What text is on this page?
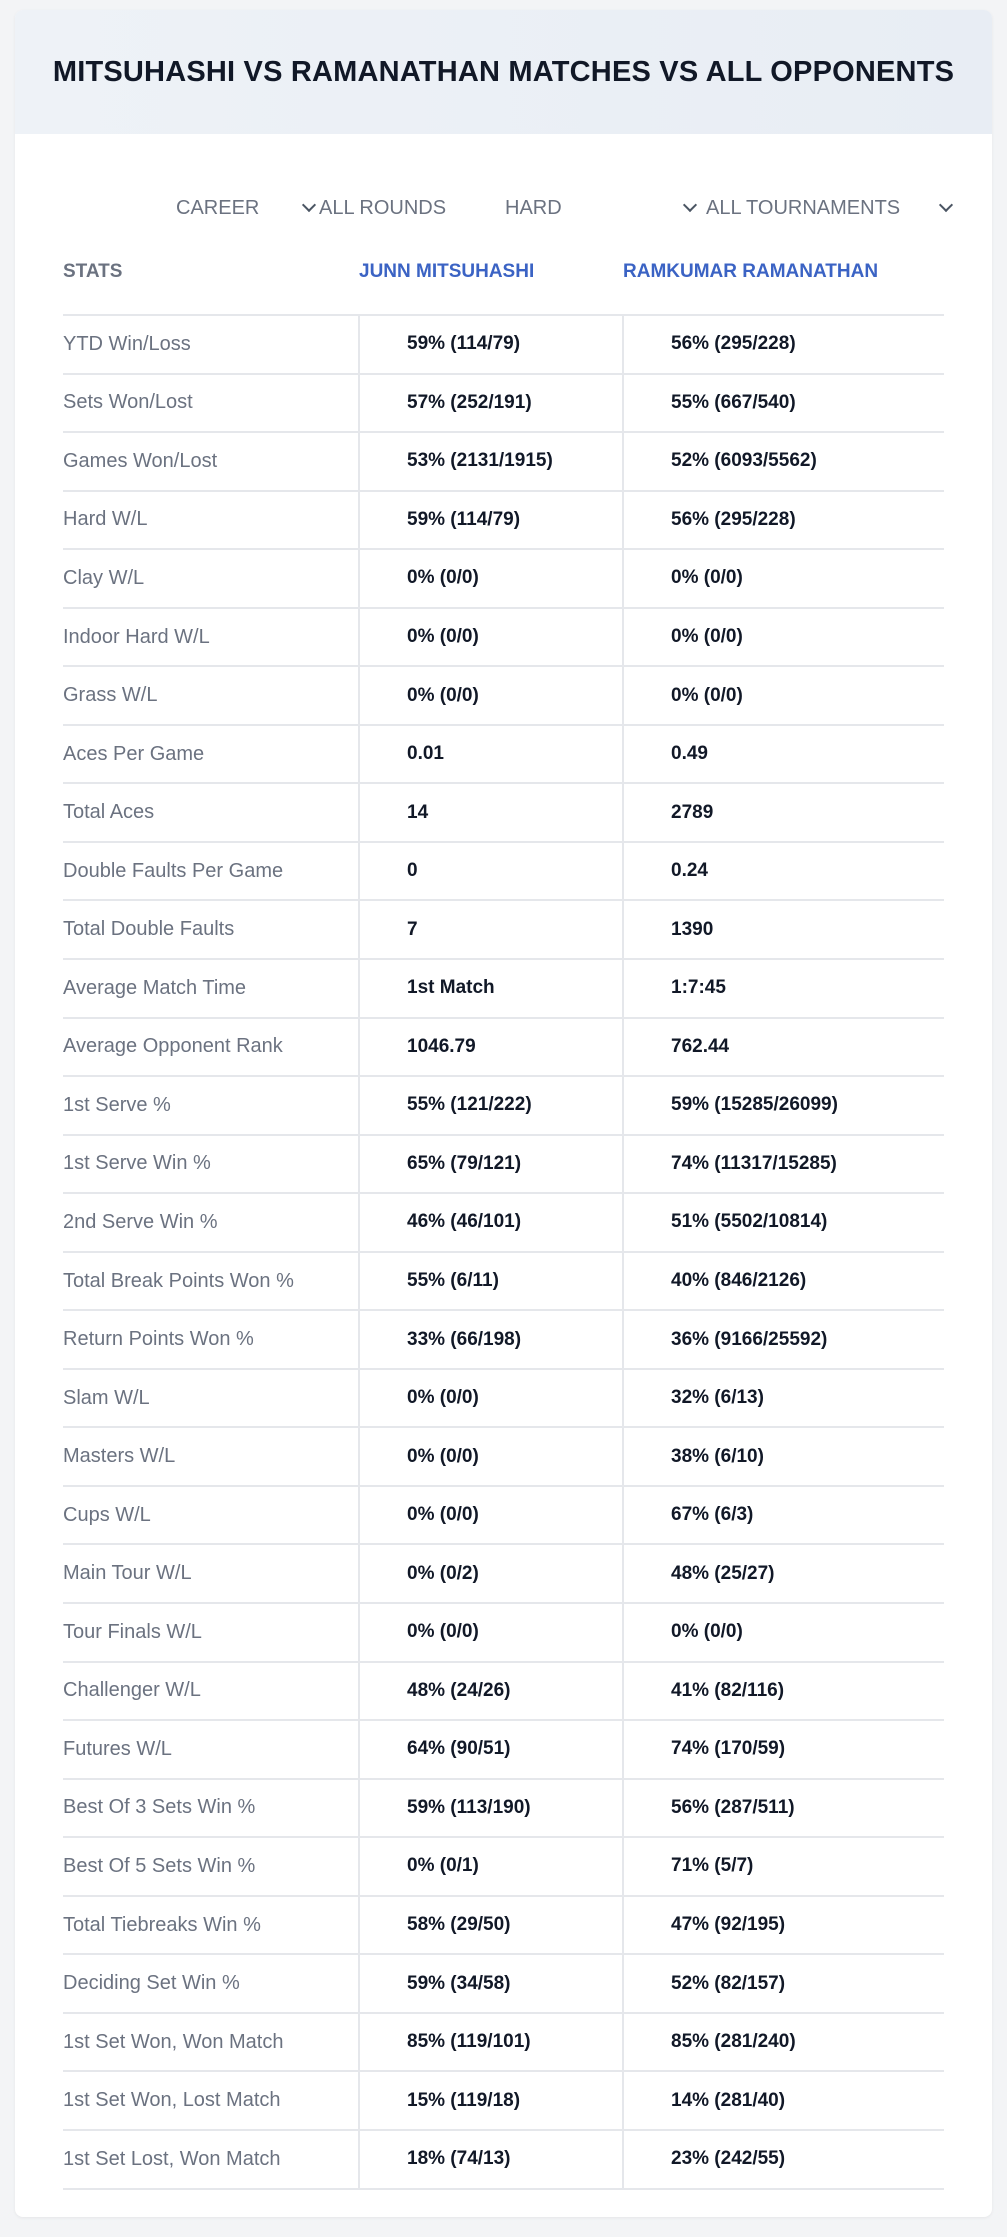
MITSUHASHI VS RAMANATHAN MATCHES VS ALL OPPONENTS
CAREER	ALL ROUNDS	HARD	ALL TOURNAMENTS
STATS	JUNN MITSUHASHI	RAMKUMAR RAMANATHAN
YTD Win/Loss	59% (114/79)	56% (295/228)
Sets Won/Lost	57% (252/191)	55% (667/540)
Games Won/Lost	53% (2131/1915)	52% (6093/5562)
Hard W/L	59% (114/79)	56% (295/228)
Clay W/L	0% (0/0)	0% (0/0)
Indoor Hard W/L	0% (0/0)	0% (0/0)
Grass W/L	0% (0/0)	0% (0/0)
Aces Per Game	0.01	0.49
Total Aces	14	2789
Double Faults Per Game	0	0.24
Total Double Faults	7	1390
Average Match Time	1st Match	1:7:45
Average Opponent Rank	1046.79	762.44
1st Serve %	55% (121/222)	59% (15285/26099)
1st Serve Win %	65% (79/121)	74% (11317/15285)
2nd Serve Win %	46% (46/101)	51% (5502/10814)
Total Break Points Won %	55% (6/11)	40% (846/2126)
Return Points Won %	33% (66/198)	36% (9166/25592)
Slam W/L	0% (0/0)	32% (6/13)
Masters W/L	0% (0/0)	38% (6/10)
Cups W/L	0% (0/0)	67% (6/3)
Main Tour W/L	0% (0/2)	48% (25/27)
Tour Finals W/L	0% (0/0)	0% (0/0)
Challenger W/L	48% (24/26)	41% (82/116)
Futures W/L	64% (90/51)	74% (170/59)
Best Of 3 Sets Win %	59% (113/190)	56% (287/511)
Best Of 5 Sets Win %	0% (0/1)	71% (5/7)
Total Tiebreaks Win %	58% (29/50)	47% (92/195)
Deciding Set Win %	59% (34/58)	52% (82/157)
1st Set Won, Won Match	85% (119/101)	85% (281/240)
1st Set Won, Lost Match	15% (119/18)	14% (281/40)
1st Set Lost, Won Match	18% (74/13)	23% (242/55)
